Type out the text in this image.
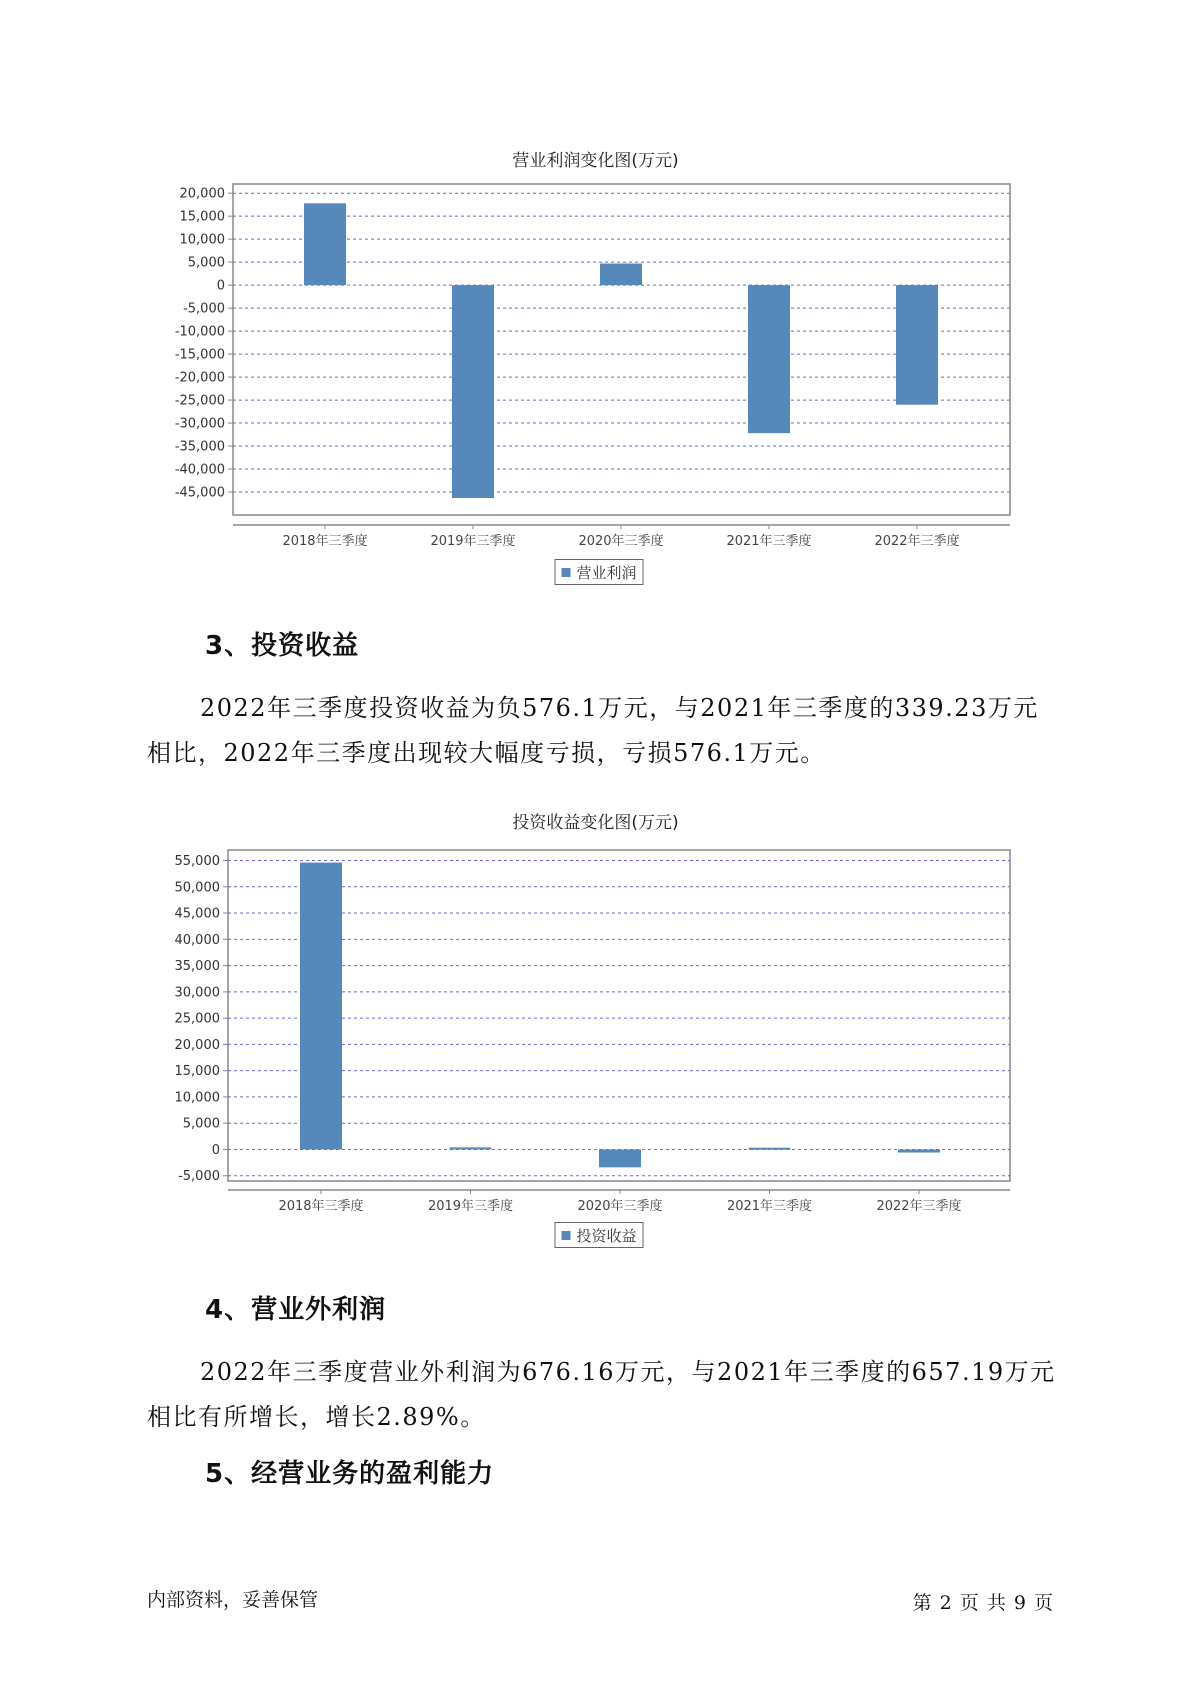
营业利润变化图(万元)
20,000
15,000
10,000
5,000
0
-5,000
-10,000
-15,000
-20,000
-25,000
-30,000
-35,000
-40,000
-45,000
2018年三季度	2019年三季度	2020年三季度	2021年三季度	2022年三季度
营业利润
3、投资收益

2022年三季度投资收益为负576.1万元，与2021年三季度的339.23万元相比，2022年三季度出现较大幅度亏损，亏损576.1万元。

投资收益变化图(万元)
55,000
50,000
45,000
40,000
35,000
30,000
25,000
20,000
15,000
10,000
5,000
0
-5,000
2018年三季度	2019年三季度	2020年三季度	2021年三季度	2022年三季度
投资收益
4、营业外利润

2022年三季度营业外利润为676.16万元，与2021年三季度的657.19万元相比有所增长，增长2.89%。

5、经营业务的盈利能力
内部资料，妥善保管	第 2 页 共 9 页
